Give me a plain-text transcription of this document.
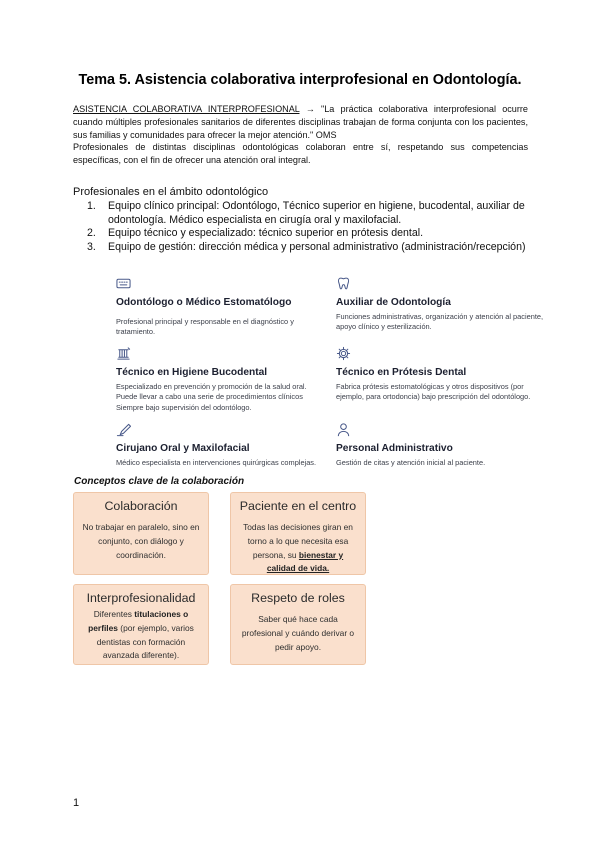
Tema 5. Asistencia colaborativa interprofesional en Odontología.
ASISTENCIA COLABORATIVA INTERPROFESIONAL → "La práctica colaborativa interprofesional ocurre cuando múltiples profesionales sanitarios de diferentes disciplinas trabajan de forma conjunta con los pacientes, sus familias y comunidades para ofrecer la mejor atención." OMS
Profesionales de distintas disciplinas odontológicas colaboran entre sí, respetando sus competencias específicas, con el fin de ofrecer una atención oral integral.
Profesionales en el ámbito odontológico
1. Equipo clínico principal: Odontólogo, Técnico superior en higiene, bucodental, auxiliar de odontología. Médico especialista en cirugía oral y maxilofacial.
2. Equipo técnico y especializado: técnico superior en prótesis dental.
3. Equipo de gestión: dirección médica y personal administrativo (administración/recepción)
Odontólogo o Médico Estomatólogo
Profesional principal y responsable en el diagnóstico y tratamiento.
Auxiliar de Odontología
Funciones administrativas, organización y atención al paciente, apoyo clínico y esterilización.
Técnico en Higiene Bucodental
Especializado en prevención y promoción de la salud oral. Puede llevar a cabo una serie de procedimientos clínicos Siempre bajo supervisión del odontólogo.
Técnico en Prótesis Dental
Fabrica prótesis estomatológicas y otros dispositivos (por ejemplo, para ortodoncia) bajo prescripción del odontólogo.
Cirujano Oral y Maxilofacial
Médico especialista en intervenciones quirúrgicas complejas.
Personal Administrativo
Gestión de citas y atención inicial al paciente.
Conceptos clave de la colaboración
Colaboración
No trabajar en paralelo, sino en conjunto, con diálogo y coordinación.
Paciente en el centro
Todas las decisiones giran en torno a lo que necesita esa persona, su bienestar y calidad de vida.
Interprofesionalidad
Diferentes titulaciones o perfiles (por ejemplo, varios dentistas con formación avanzada diferente).
Respeto de roles
Saber qué hace cada profesional y cuándo derivar o pedir apoyo.
1
